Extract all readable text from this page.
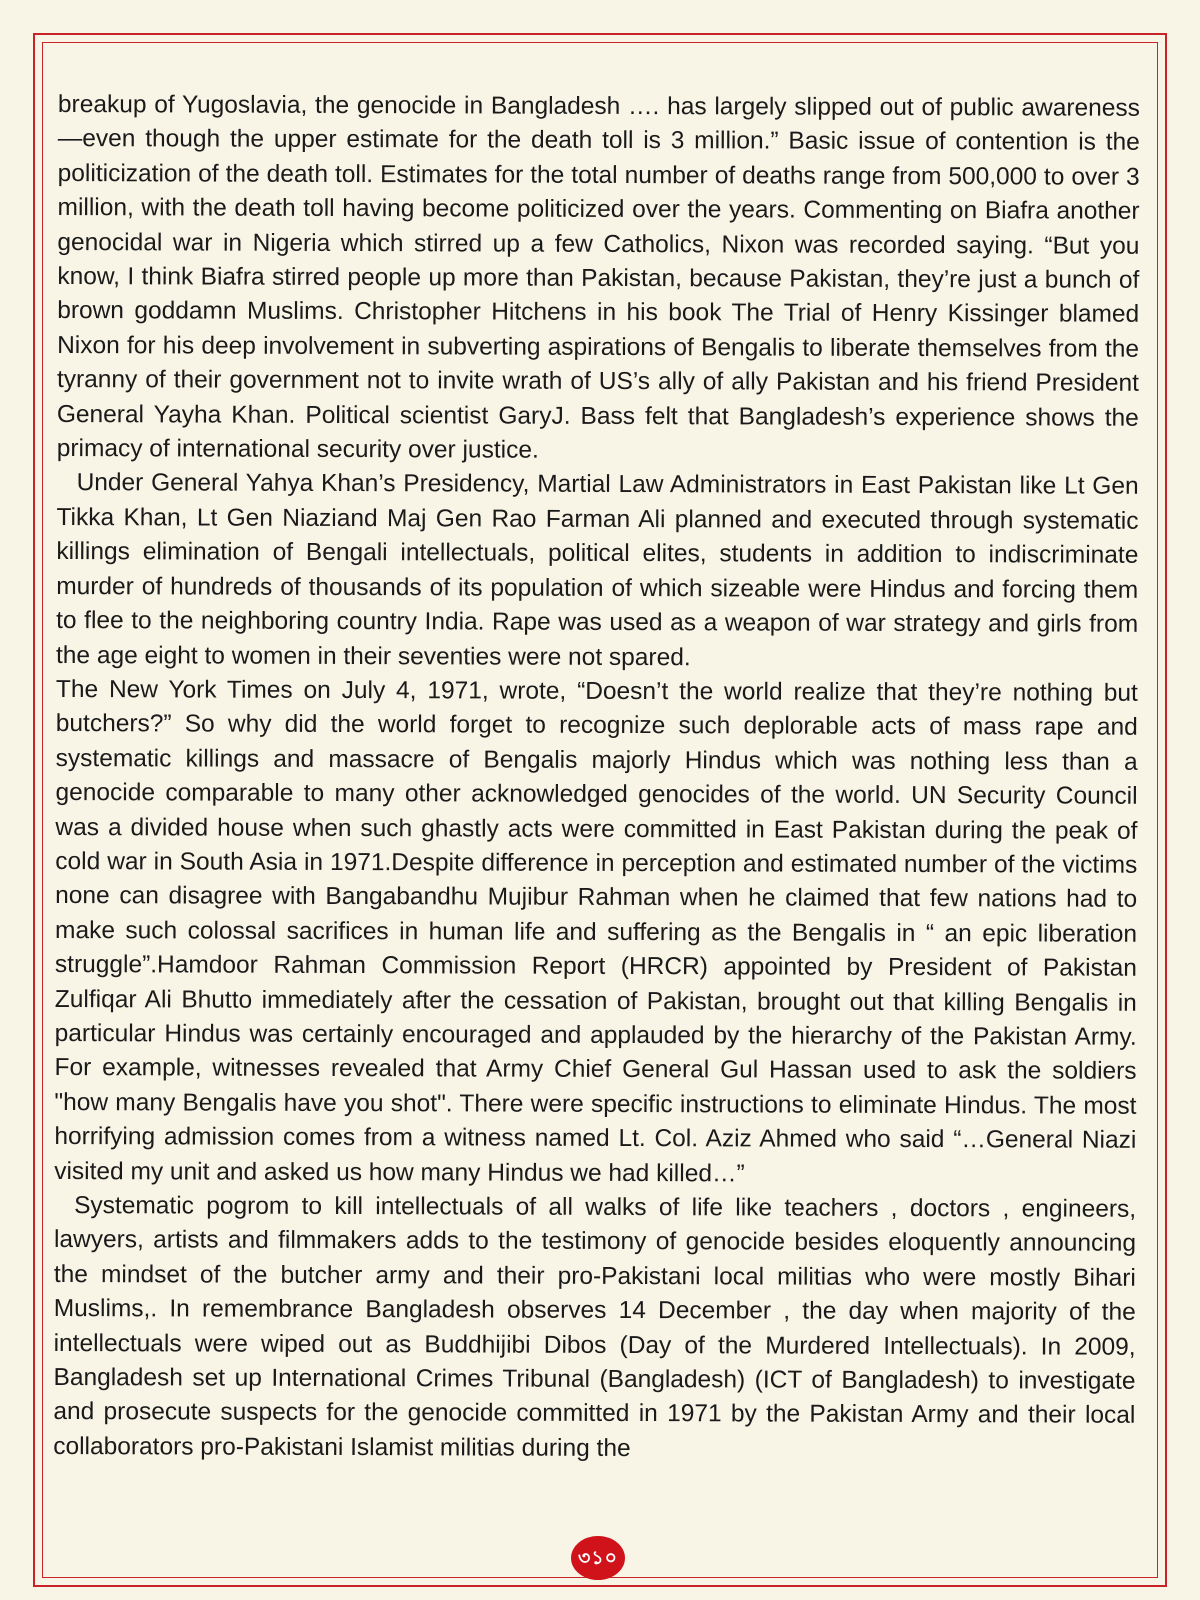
breakup of Yugoslavia, the genocide in Bangladesh …. has largely slipped out of public awareness—even though the upper estimate for the death toll is 3 million.” Basic issue of contention is the politicization of the death toll. Estimates for the total number of deaths range from 500,000 to over 3 million, with the death toll having become politicized over the years. Commenting on Biafra another genocidal war in Nigeria which stirred up a few Catholics, Nixon was recorded saying. “But you know, I think Biafra stirred people up more than Pakistan, because Pakistan, they’re just a bunch of brown goddamn Muslims. Christopher Hitchens in his book The Trial of Henry Kissinger blamed Nixon for his deep involvement in subverting aspirations of Bengalis to liberate themselves from the tyranny of their government not to invite wrath of US’s ally of ally Pakistan and his friend President General Yayha Khan. Political scientist GaryJ. Bass felt that Bangladesh’s experience shows the primacy of international security over justice.

Under General Yahya Khan’s Presidency, Martial Law Administrators in East Pakistan like Lt Gen Tikka Khan, Lt Gen Niaziand Maj Gen Rao Farman Ali planned and executed through systematic killings elimination of Bengali intellectuals, political elites, students in addition to indiscriminate murder of hundreds of thousands of its population of which sizeable were Hindus and forcing them to flee to the neighboring country India. Rape was used as a weapon of war strategy and girls from the age eight to women in their seventies were not spared.

The New York Times on July 4, 1971, wrote, “Doesn’t the world realize that they’re nothing but butchers?” So why did the world forget to recognize such deplorable acts of mass rape and systematic killings and massacre of Bengalis majorly Hindus which was nothing less than a genocide comparable to many other acknowledged genocides of the world. UN Security Council was a divided house when such ghastly acts were committed in East Pakistan during the peak of cold war in South Asia in 1971.Despite difference in perception and estimated number of the victims none can disagree with Bangabandhu Mujibur Rahman when he claimed that few nations had to make such colossal sacrifices in human life and suffering as the Bengalis in “ an epic liberation struggle”.Hamdoor Rahman Commission Report (HRCR) appointed by President of Pakistan Zulfiqar Ali Bhutto immediately after the cessation of Pakistan, brought out that killing Bengalis in particular Hindus was certainly encouraged and applauded by the hierarchy of the Pakistan Army. For example, witnesses revealed that Army Chief General Gul Hassan used to ask the soldiers "how many Bengalis have you shot". There were specific instructions to eliminate Hindus. The most horrifying admission comes from a witness named Lt. Col. Aziz Ahmed who said “…General Niazi visited my unit and asked us how many Hindus we had killed…”

Systematic pogrom to kill intellectuals of all walks of life like teachers , doctors , engineers, lawyers, artists and filmmakers adds to the testimony of genocide besides eloquently announcing the mindset of the butcher army and their pro-Pakistani local militias who were mostly Bihari Muslims,. In remembrance Bangladesh observes 14 December , the day when majority of the intellectuals were wiped out as Buddhijibi Dibos (Day of the Murdered Intellectuals). In 2009, Bangladesh set up International Crimes Tribunal (Bangladesh) (ICT of Bangladesh) to investigate and prosecute suspects for the genocide committed in 1971 by the Pakistan Army and their local collaborators pro-Pakistani Islamist militias during the

৩১০
